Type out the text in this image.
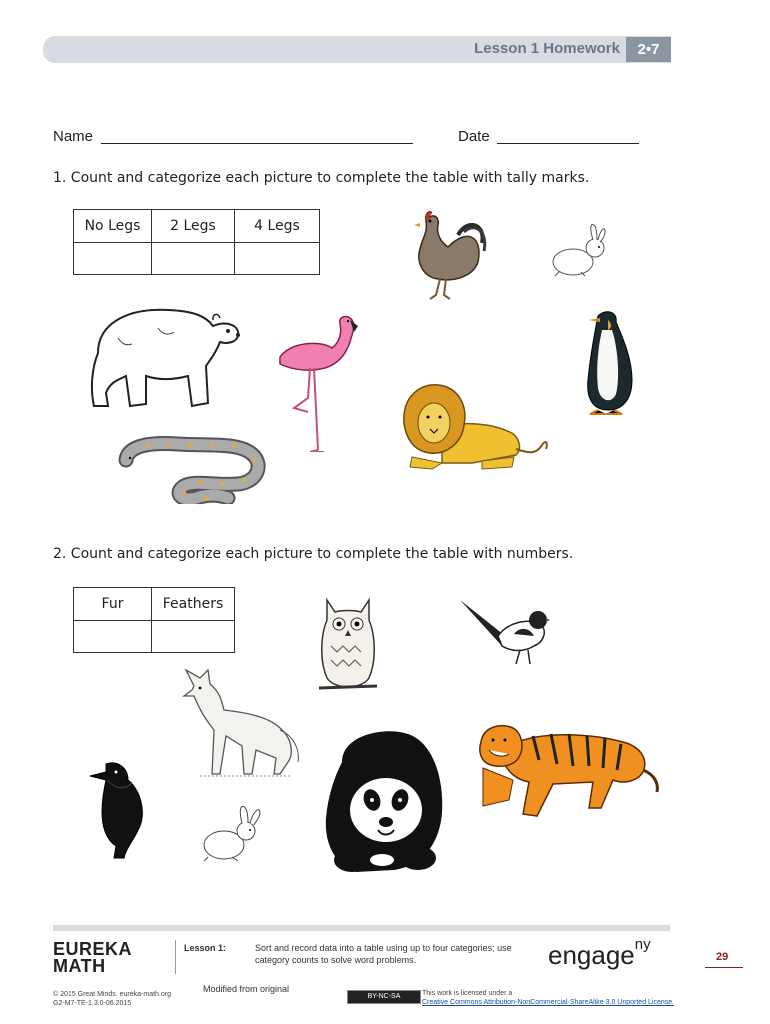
Lesson 1 Homework	2•7
Name	Date
1. Count and categorize each picture to complete the table with tally marks.
No Legs	2 Legs	4 Legs

2. Count and categorize each picture to complete the table with numbers.
Fur	Feathers

EUREKA
MATH
Lesson 1:	Sort and record data into a table using up to four categories; use
category counts to solve word problems.	engage$^{ny}$
29
© 2015 Great Minds. eureka-math.org
G2-M7-TE-1.3.0-06.2015
Modified from original
BY-NC-SA	This work is licensed under a
Creative Commons Attribution-NonCommercial-ShareAlike 3.0 Unported License.
